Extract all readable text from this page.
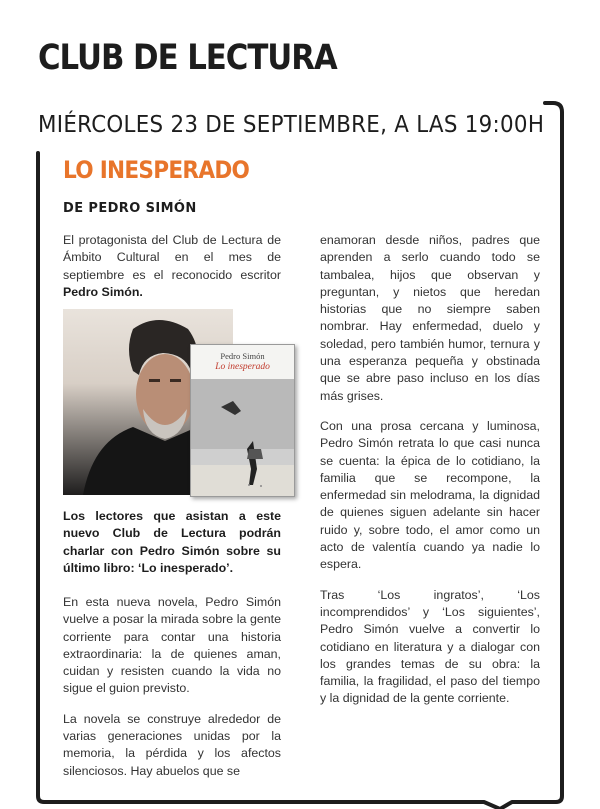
CLUB DE LECTURA
MIÉRCOLES 23 DE SEPTIEMBRE, A LAS 19:00H
LO INESPERADO
DE PEDRO SIMÓN

El protagonista del Club de Lectura de Ámbito Cultural en el mes de septiembre es el reconocido escritor Pedro Simón.

Pedro Simón
Lo inesperado

Los lectores que asistan a este nuevo Club de Lectura podrán charlar con Pedro Simón sobre su último libro: ‘Lo inesperado’.

En esta nueva novela, Pedro Simón vuelve a posar la mirada sobre la gente corriente para contar una historia extraordinaria: la de quienes aman, cuidan y resisten cuando la vida no sigue el guion previsto.

La novela se construye alrededor de varias generaciones unidas por la memoria, la pérdida y los afectos silenciosos. Hay abuelos que se

enamoran desde niños, padres que aprenden a serlo cuando todo se tambalea, hijos que observan y preguntan, y nietos que heredan historias que no siempre saben nombrar. Hay enfermedad, duelo y soledad, pero también humor, ternura y una esperanza pequeña y obstinada que se abre paso incluso en los días más grises.

Con una prosa cercana y luminosa, Pedro Simón retrata lo que casi nunca se cuenta: la épica de lo cotidiano, la familia que se recompone, la enfermedad sin melodrama, la dignidad de quienes siguen adelante sin hacer ruido y, sobre todo, el amor como un acto de valentía cuando ya nadie lo espera.

Tras ‘Los ingratos’, ‘Los incomprendidos’ y ‘Los siguientes’, Pedro Simón vuelve a convertir lo cotidiano en literatura y a dialogar con los grandes temas de su obra: la familia, la fragilidad, el paso del tiempo y la dignidad de la gente corriente.
